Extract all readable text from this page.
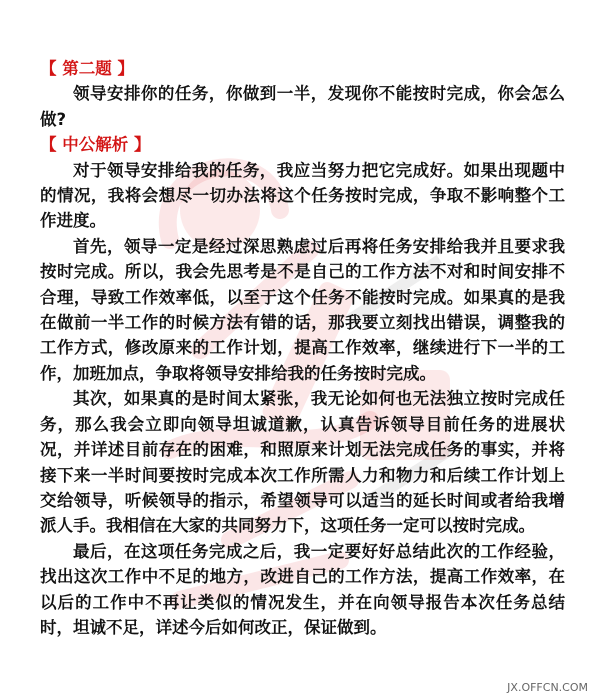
【 第二题 】

领导安排你的任务，你做到一半，发现你不能按时完成，你会怎么做?

【 中公解析 】

对于领导安排给我的任务，我应当努力把它完成好。如果出现题中的情况，我将会想尽一切办法将这个任务按时完成，争取不影响整个工作进度。

首先，领导一定是经过深思熟虑过后再将任务安排给我并且要求我按时完成。所以，我会先思考是不是自己的工作方法不对和时间安排不合理，导致工作效率低，以至于这个任务不能按时完成。如果真的是我在做前一半工作的时候方法有错的话，那我要立刻找出错误，调整我的工作方式，修改原来的工作计划，提高工作效率，继续进行下一半的工作，加班加点，争取将领导安排给我的任务按时完成。

其次，如果真的是时间太紧张，我无论如何也无法独立按时完成任务，那么我会立即向领导坦诚道歉，认真告诉领导目前任务的进展状况，并详述目前存在的困难，和照原来计划无法完成任务的事实，并将接下来一半时间要按时完成本次工作所需人力和物力和后续工作计划上交给领导，听候领导的指示，希望领导可以适当的延长时间或者给我增派人手。我相信在大家的共同努力下，这项任务一定可以按时完成。

最后，在这项任务完成之后，我一定要好好总结此次的工作经验，找出这次工作中不足的地方，改进自己的工作方法，提高工作效率，在以后的工作中不再让类似的情况发生，并在向领导报告本次任务总结时，坦诚不足，详述今后如何改正，保证做到。

JX.OFFCN.COM
